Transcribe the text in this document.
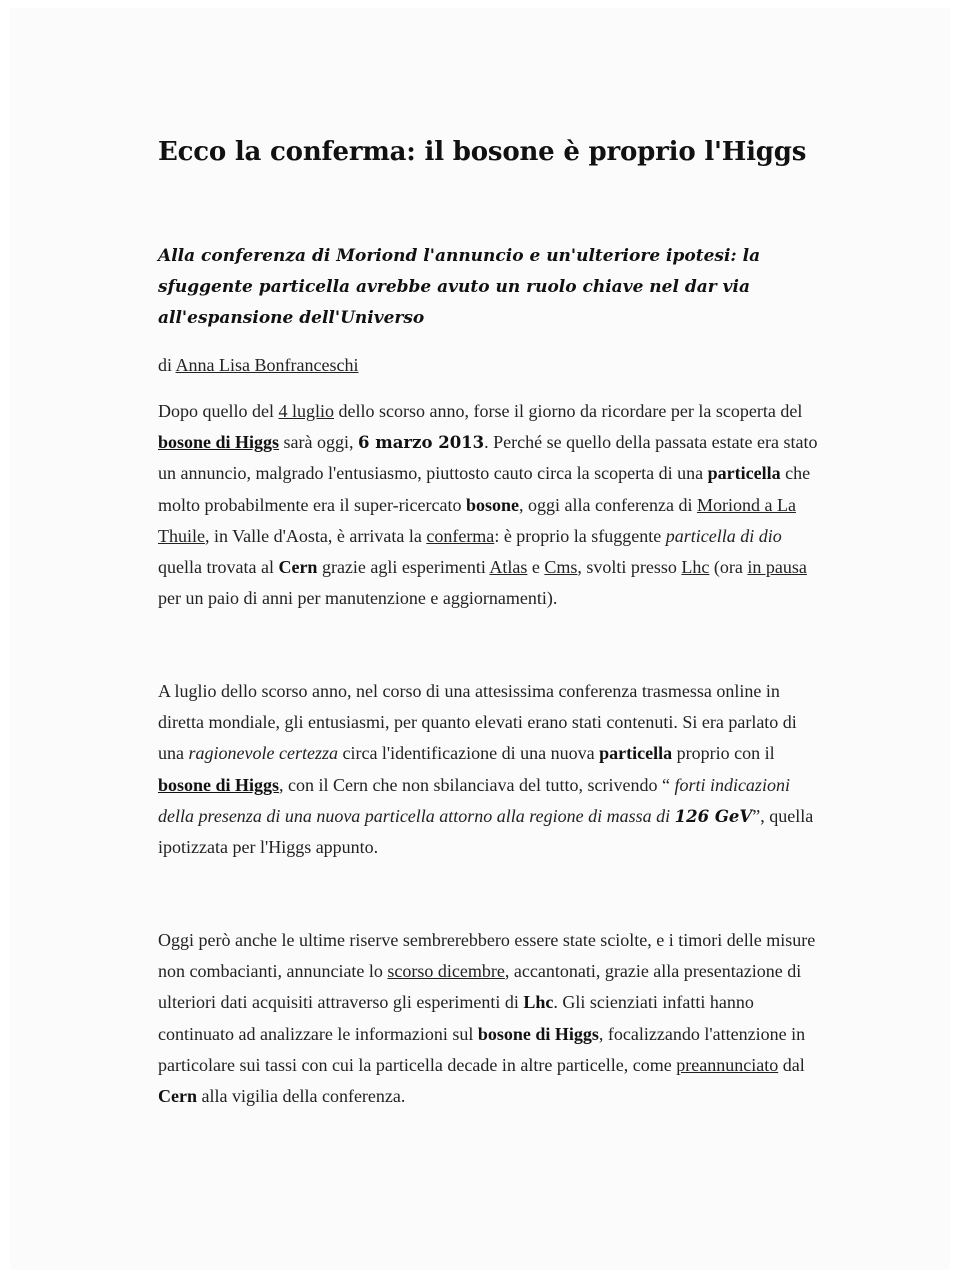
Ecco la conferma: il bosone è proprio l'Higgs

Alla conferenza di Moriond l'annuncio e un'ulteriore ipotesi: la sfuggente particella avrebbe avuto un ruolo chiave nel dar via all'espansione dell'Universo

di Anna Lisa Bonfranceschi

Dopo quello del 4 luglio dello scorso anno, forse il giorno da ricordare per la scoperta del bosone di Higgs sarà oggi, 6 marzo 2013. Perché se quello della passata estate era stato un annuncio, malgrado l'entusiasmo, piuttosto cauto circa la scoperta di una particella che molto probabilmente era il super-ricercato bosone, oggi alla conferenza di Moriond a La Thuile, in Valle d'Aosta, è arrivata la conferma: è proprio la sfuggente particella di dio quella trovata al Cern grazie agli esperimenti Atlas e Cms, svolti presso Lhc (ora in pausa per un paio di anni per manutenzione e aggiornamenti).

A luglio dello scorso anno, nel corso di una attesissima conferenza trasmessa online in diretta mondiale, gli entusiasmi, per quanto elevati erano stati contenuti. Si era parlato di una ragionevole certezza circa l'identificazione di una nuova particella proprio con il bosone di Higgs, con il Cern che non sbilanciava del tutto, scrivendo “ forti indicazioni della presenza di una nuova particella attorno alla regione di massa di 126 GeV”, quella ipotizzata per l'Higgs appunto.

Oggi però anche le ultime riserve sembrerebbero essere state sciolte, e i timori delle misure non combacianti, annunciate lo scorso dicembre, accantonati, grazie alla presentazione di ulteriori dati acquisiti attraverso gli esperimenti di Lhc. Gli scienziati infatti hanno continuato ad analizzare le informazioni sul bosone di Higgs, focalizzando l'attenzione in particolare sui tassi con cui la particella decade in altre particelle, come preannunciato dal Cern alla vigilia della conferenza.
